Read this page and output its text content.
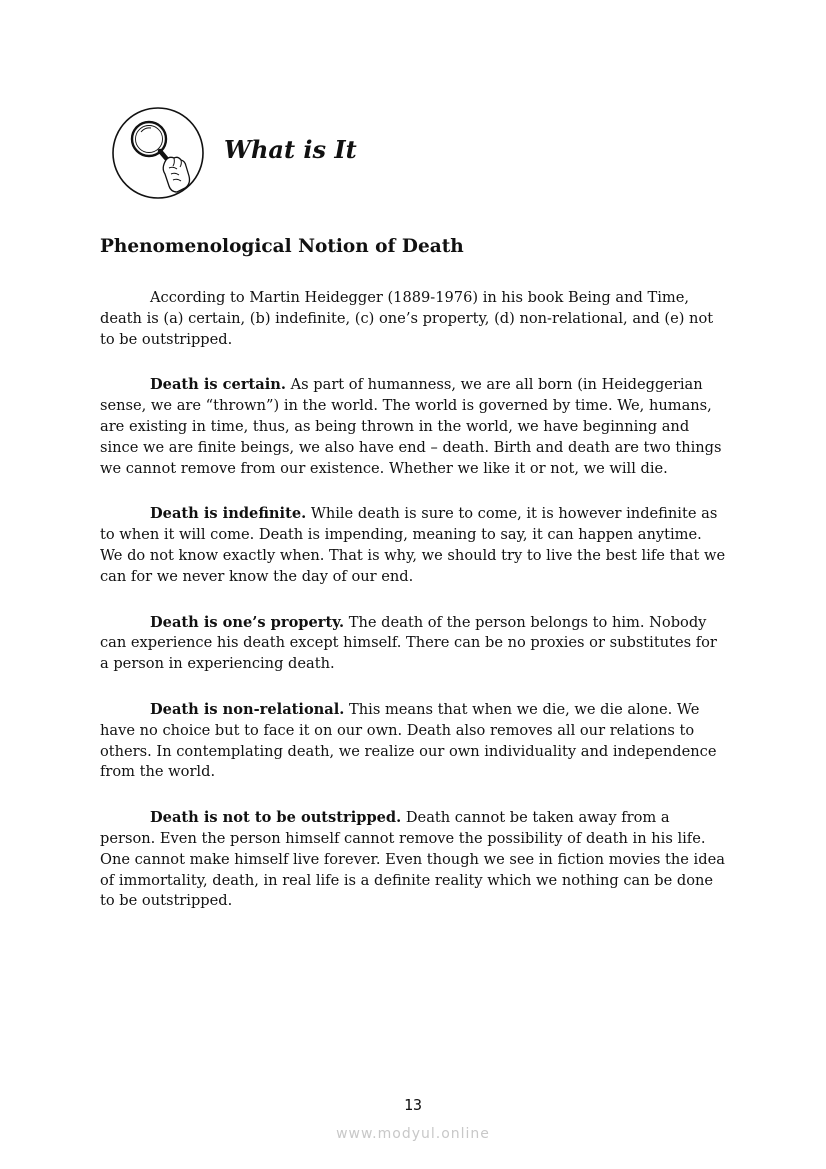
What is It
Phenomenological Notion of Death

According to Martin Heidegger (1889-1976) in his book Being and Time, death is (a) certain, (b) indefinite, (c) one’s property, (d) non-relational, and (e) not to be outstripped.

Death is certain. As part of humanness, we are all born (in Heideggerian sense, we are “thrown”) in the world. The world is governed by time. We, humans, are existing in time, thus, as being thrown in the world, we have beginning and since we are finite beings, we also have end – death. Birth and death are two things we cannot remove from our existence. Whether we like it or not, we will die.

Death is indefinite. While death is sure to come, it is however indefinite as to when it will come. Death is impending, meaning to say, it can happen anytime. We do not know exactly when. That is why, we should try to live the best life that we can for we never know the day of our end.

Death is one’s property. The death of the person belongs to him. Nobody can experience his death except himself. There can be no proxies or substitutes for a person in experiencing death.

Death is non-relational. This means that when we die, we die alone. We have no choice but to face it on our own. Death also removes all our relations to others. In contemplating death, we realize our own individuality and independence from the world.

Death is not to be outstripped. Death cannot be taken away from a person. Even the person himself cannot remove the possibility of death in his life. One cannot make himself live forever. Even though we see in fiction movies the idea of immortality, death, in real life is a definite reality which we nothing can be done to be outstripped.

13
www.modyul.online
